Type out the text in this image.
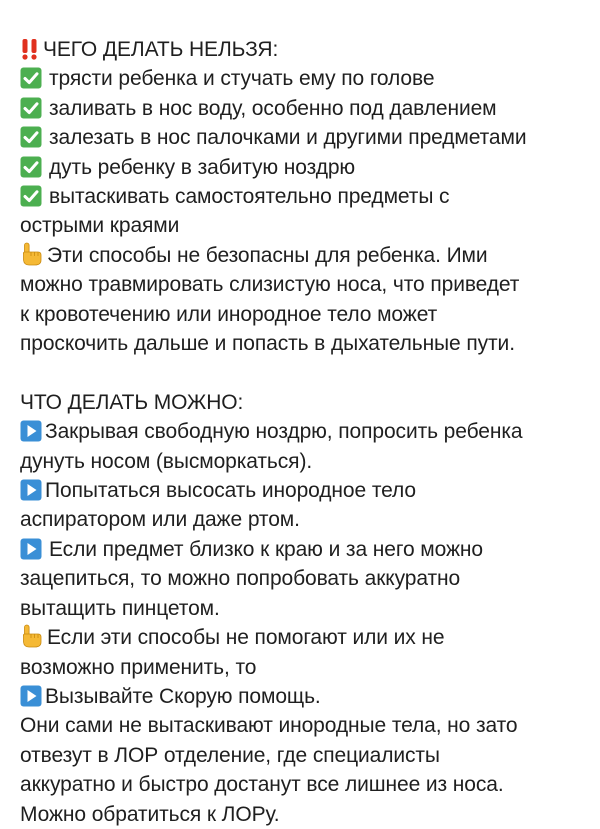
ЧЕГО ДЕЛАТЬ НЕЛЬЗЯ:
трясти ребенка и стучать ему по голове
заливать в нос воду, особенно под давлением
залезать в нос палочками и другими предметами
дуть ребенку в забитую ноздрю
вытаскивать самостоятельно предметы с
острыми краями
Эти способы не безопасны для ребенка. Ими
можно травмировать слизистую носа, что приведет
к кровотечению или инородное тело может
проскочить дальше и попасть в дыхательные пути.
ЧТО ДЕЛАТЬ МОЖНО:
Закрывая свободную ноздрю, попросить ребенка
дунуть носом (высморкаться).
Попытаться высосать инородное тело
аспиратором или даже ртом.
Если предмет близко к краю и за него можно
зацепиться, то можно попробовать аккуратно
вытащить пинцетом.
Если эти способы не помогают или их не
возможно применить, то
Вызывайте Скорую помощь.
Они сами не вытаскивают инородные тела, но зато
отвезут в ЛОР отделение, где специалисты
аккуратно и быстро достанут все лишнее из носа.
Можно обратиться к ЛОРу.
